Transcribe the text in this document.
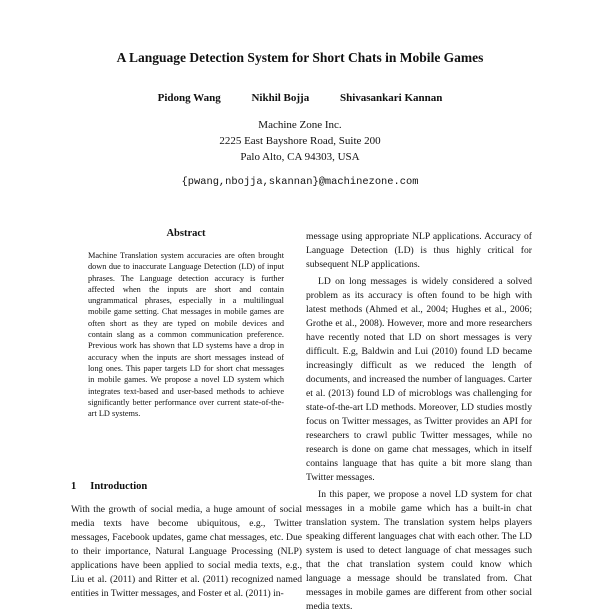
A Language Detection System for Short Chats in Mobile Games
Pidong Wang	Nikhil Bojja	Shivasankari Kannan
Machine Zone Inc.
2225 East Bayshore Road, Suite 200
Palo Alto, CA 94303, USA
{pwang,nbojja,skannan}@machinezone.com
Abstract

Machine Translation system accuracies are often brought down due to inaccurate Language Detection (LD) of input phrases. The Language detection accuracy is further affected when the inputs are short and contain ungrammatical phrases, especially in a multilingual mobile game setting. Chat messages in mobile games are often short as they are typed on mobile devices and contain slang as a common communication preference. Previous work has shown that LD systems have a drop in accuracy when the inputs are short messages instead of long ones. This paper targets LD for short chat messages in mobile games. We propose a novel LD system which integrates text-based and user-based methods to achieve significantly better performance over current state-of-the-art LD systems.

1 Introduction

With the growth of social media, a huge amount of social media texts have become ubiquitous, e.g., Twitter messages, Facebook updates, game chat messages, etc. Due to their importance, Natural Language Processing (NLP) applications have been applied to social media texts, e.g., Liu et al. (2011) and Ritter et al. (2011) recognized named entities in Twitter messages, and Foster et al. (2011) in-

message using appropriate NLP applications. Accuracy of Language Detection (LD) is thus highly critical for subsequent NLP applications.

LD on long messages is widely considered a solved problem as its accuracy is often found to be high with latest methods (Ahmed et al., 2004; Hughes et al., 2006; Grothe et al., 2008). However, more and more researchers have recently noted that LD on short messages is very difficult. E.g, Baldwin and Lui (2010) found LD became increasingly difficult as we reduced the length of documents, and increased the number of languages. Carter et al. (2013) found LD of microblogs was challenging for state-of-the-art LD methods. Moreover, LD studies mostly focus on Twitter messages, as Twitter provides an API for researchers to crawl public Twitter messages, while no research is done on game chat messages, which in itself contains language that has quite a bit more slang than Twitter messages.

In this paper, we propose a novel LD system for chat messages in a mobile game which has a built-in chat translation system. The translation system helps players speaking different languages chat with each other. The LD system is used to detect language of chat messages such that the chat translation system could know which language a message should be translated from. Chat messages in mobile games are different from other social media texts.
